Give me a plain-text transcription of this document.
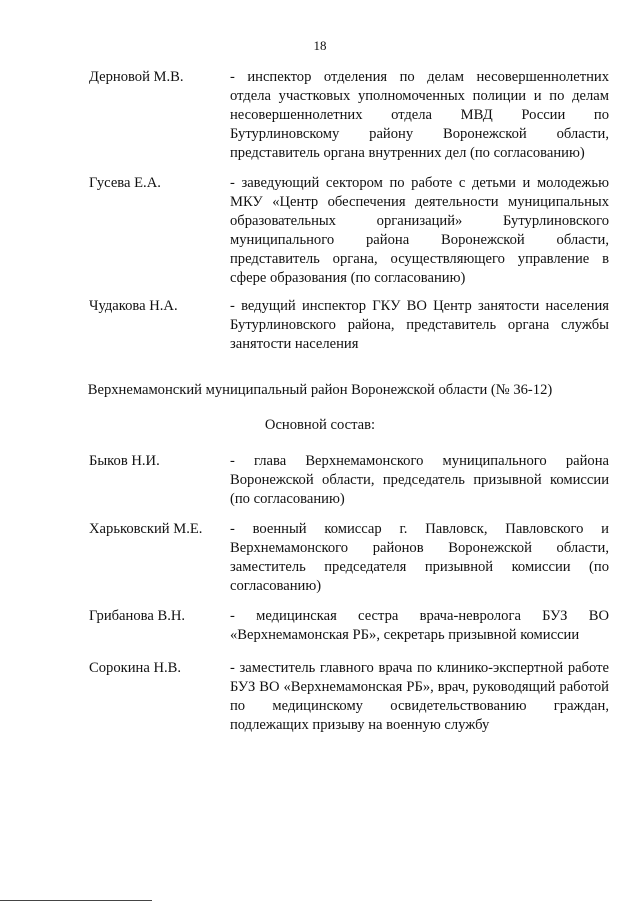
18
Дерновой М.В.	- инспектор отделения по делам несовершеннолетних отдела участковых уполномоченных полиции и по делам несовершеннолетних отдела МВД России по Бутурлиновскому району Воронежской области, представитель органа внутренних дел (по согласованию)
Гусева Е.А.	- заведующий сектором по работе с детьми и молодежью МКУ «Центр обеспечения деятельности муниципальных образовательных организаций» Бутурлиновского муниципального района Воронежской области, представитель органа, осуществляющего управление в сфере образования (по согласованию)
Чудакова Н.А.	- ведущий инспектор ГКУ ВО Центр занятости населения Бутурлиновского района, представитель органа службы занятости населения
Верхнемамонский муниципальный район Воронежской области (№ 36-12)
Основной состав:
Быков Н.И.	- глава Верхнемамонского муниципального района Воронежской области, председатель призывной комиссии (по согласованию)
Харьковский М.Е.	- военный комиссар г. Павловск, Павловского и Верхнемамонского районов Воронежской области, заместитель председателя призывной комиссии (по согласованию)
Грибанова В.Н.	- медицинская сестра врача-невролога БУЗ ВО «Верхнемамонская РБ», секретарь призывной комиссии
Сорокина Н.В.	- заместитель главного врача по клинико-экспертной работе БУЗ ВО «Верхнемамонская РБ», врач, руководящий работой по медицинскому освидетельствованию граждан, подлежащих призыву на военную службу
